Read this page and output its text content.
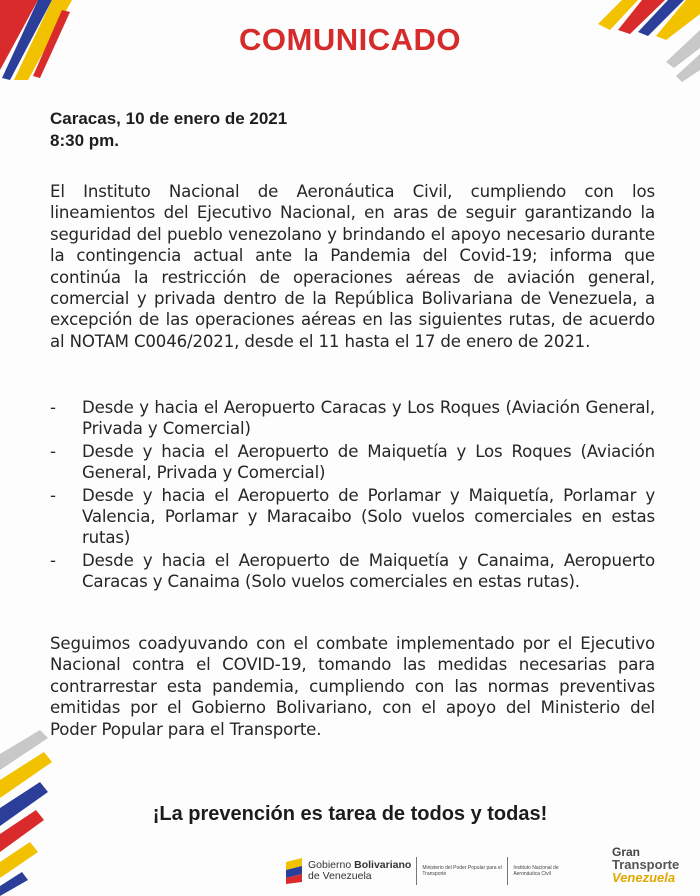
COMUNICADO
Caracas, 10 de enero de 2021
8:30 pm.

El Instituto Nacional de Aeronáutica Civil, cumpliendo con los lineamientos del Ejecutivo Nacional, en aras de seguir garantizando la seguridad del pueblo venezolano y brindando el apoyo necesario durante la contingencia actual ante la Pandemia del Covid-19; informa que continúa la restricción de operaciones aéreas de aviación general, comercial y privada dentro de la República Bolivariana de Venezuela, a excepción de las operaciones aéreas en las siguientes rutas, de acuerdo al NOTAM C0046/2021, desde el 11 hasta el 17 de enero de 2021.

- Desde y hacia el Aeropuerto Caracas y Los Roques (Aviación General, Privada y Comercial)
- Desde y hacia el Aeropuerto de Maiquetía y Los Roques (Aviación General, Privada y Comercial)
- Desde y hacia el Aeropuerto de Porlamar y Maiquetía, Porlamar y Valencia, Porlamar y Maracaibo (Solo vuelos comerciales en estas rutas)
- Desde y hacia el Aeropuerto de Maiquetía y Canaima, Aeropuerto Caracas y Canaima (Solo vuelos comerciales en estas rutas).

Seguimos coadyuvando con el combate implementado por el Ejecutivo Nacional contra el COVID-19, tomando las medidas necesarias para contrarrestar esta pandemia, cumpliendo con las normas preventivas emitidas por el Gobierno Bolivariano, con el apoyo del Ministerio del Poder Popular para el Transporte.

¡La prevención es tarea de todos y todas!
Gobierno Bolivariano
de Venezuela
Ministerio del Poder Popular para el Transporte
Instituto Nacional de Aeronáutica Civil
Gran
Transporte
Venezuela
